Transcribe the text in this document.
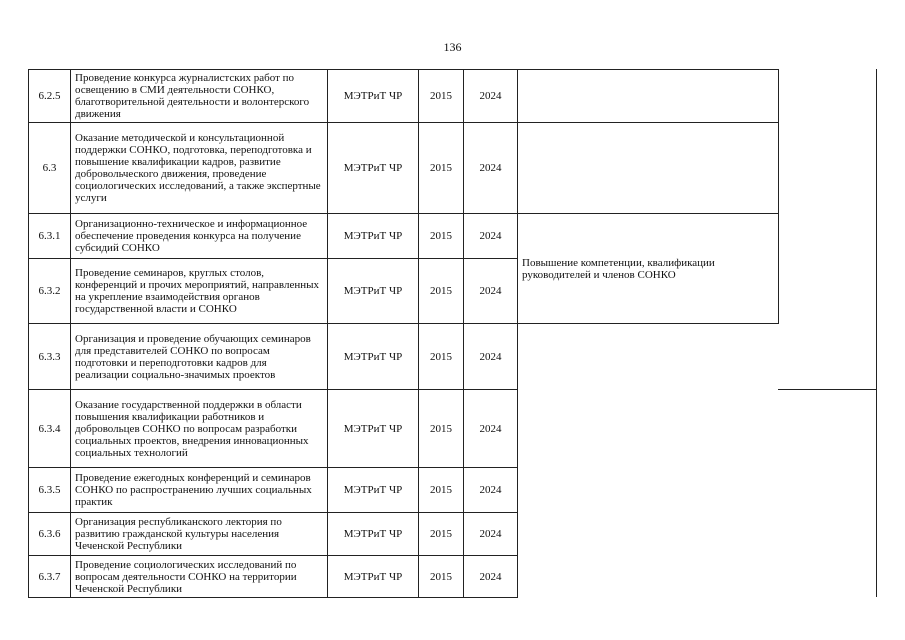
136
6.2.5	Проведение конкурса журналистских работ по освещению в СМИ деятельности СОНКО, благотворительной деятельности и волонтерского движения	МЭТРиТ ЧР	2015	2024	
6.3	Оказание методической и консультационной поддержки СОНКО, подготовка, переподготовка и повышение квалификации кадров, развитие добровольческого движения, проведение социологических исследований, а также экспертные услуги	МЭТРиТ ЧР	2015	2024	
6.3.1	Организационно-техническое и информационное обеспечение проведения конкурса на получение субсидий СОНКО	МЭТРиТ ЧР	2015	2024	Повышение компетенции, квалификации руководителей и членов СОНКО
6.3.2	Проведение семинаров, круглых столов, конференций и прочих мероприятий, направленных на укрепление взаимодействия органов государственной власти и СОНКО	МЭТРиТ ЧР	2015	2024	
6.3.3	Организация и проведение обучающих семинаров для представителей СОНКО по вопросам подготовки и переподготовки кадров для реализации социально-значимых проектов	МЭТРиТ ЧР	2015	2024	
6.3.4	Оказание государственной поддержки в области повышения квалификации работников и добровольцев СОНКО по вопросам разработки социальных проектов, внедрения инновационных социальных технологий	МЭТРиТ ЧР	2015	2024	
6.3.5	Проведение ежегодных конференций и семинаров СОНКО по распространению лучших социальных практик	МЭТРиТ ЧР	2015	2024	
6.3.6	Организация республиканского лектория по развитию гражданской культуры населения Чеченской Республики	МЭТРиТ ЧР	2015	2024	
6.3.7	Проведение социологических исследований по вопросам деятельности СОНКО на территории Чеченской Республики	МЭТРиТ ЧР	2015	2024	
